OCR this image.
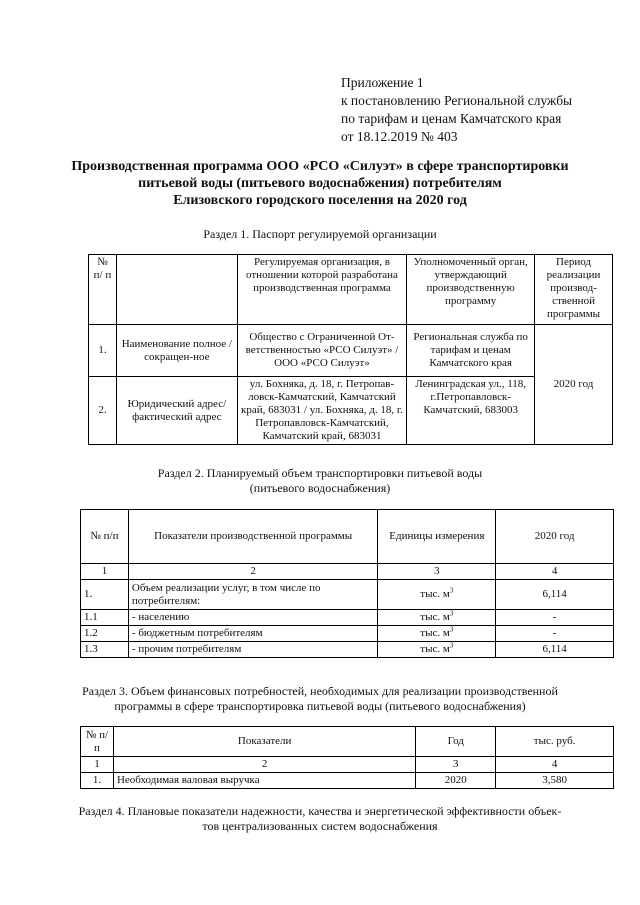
Приложение 1
к постановлению Региональной службы
по тарифам и ценам Камчатского края
от 18.12.2019 № 403
Производственная программа ООО «РСО «Силуэт» в сфере транспортировки
питьевой воды (питьевого водоснабжения) потребителям
Елизовского городского поселения на 2020 год
Раздел 1. Паспорт регулируемой организации
№ п/ п		Регулируемая организация, в отношении которой разработана производственная программа	Уполномоченный орган, утверждающий производственную программу	Период реализации производ-ственной программы
1.	Наименование полное / сокращен-ное	Общество с Ограниченной От-ветственностью «РСО Силуэт» / ООО «РСО Силуэт»	Региональная служба по тарифам и ценам Камчатского края	2020 год
2.	Юридический адрес/фактический адрес	ул. Бохняка, д. 18, г. Петропав-ловск-Камчатский, Камчатский край, 683031 / ул. Бохняка, д. 18, г. Петропавловск-Камчатский, Камчатский край, 683031	Ленинградская ул., 118, г.Петропавловск-Камчатский, 683003	
Раздел 2. Планируемый объем транспортировки питьевой воды
(питьевого водоснабжения)
№ п/п	Показатели производственной программы	Единицы измерения	2020 год
1	2	3	4
1.	Объем реализации услуг, в том числе по потребителям:	тыс. $м^3$	6,114
1.1	- населению	тыс. $м^3$	-
1.2	- бюджетным потребителям	тыс. $м^3$	-
1.3	- прочим потребителям	тыс. $м^3$	6,114
Раздел 3. Объем финансовых потребностей, необходимых для реализации производственной
программы в сфере транспортировка питьевой воды (питьевого водоснабжения)
№ п/п	Показатели	Год	тыс. руб.
1	2	3	4
1.	Необходимая валовая выручка	2020	3,580
Раздел 4. Плановые показатели надежности, качества и энергетической эффективности объек-
тов централизованных систем водоснабжения
